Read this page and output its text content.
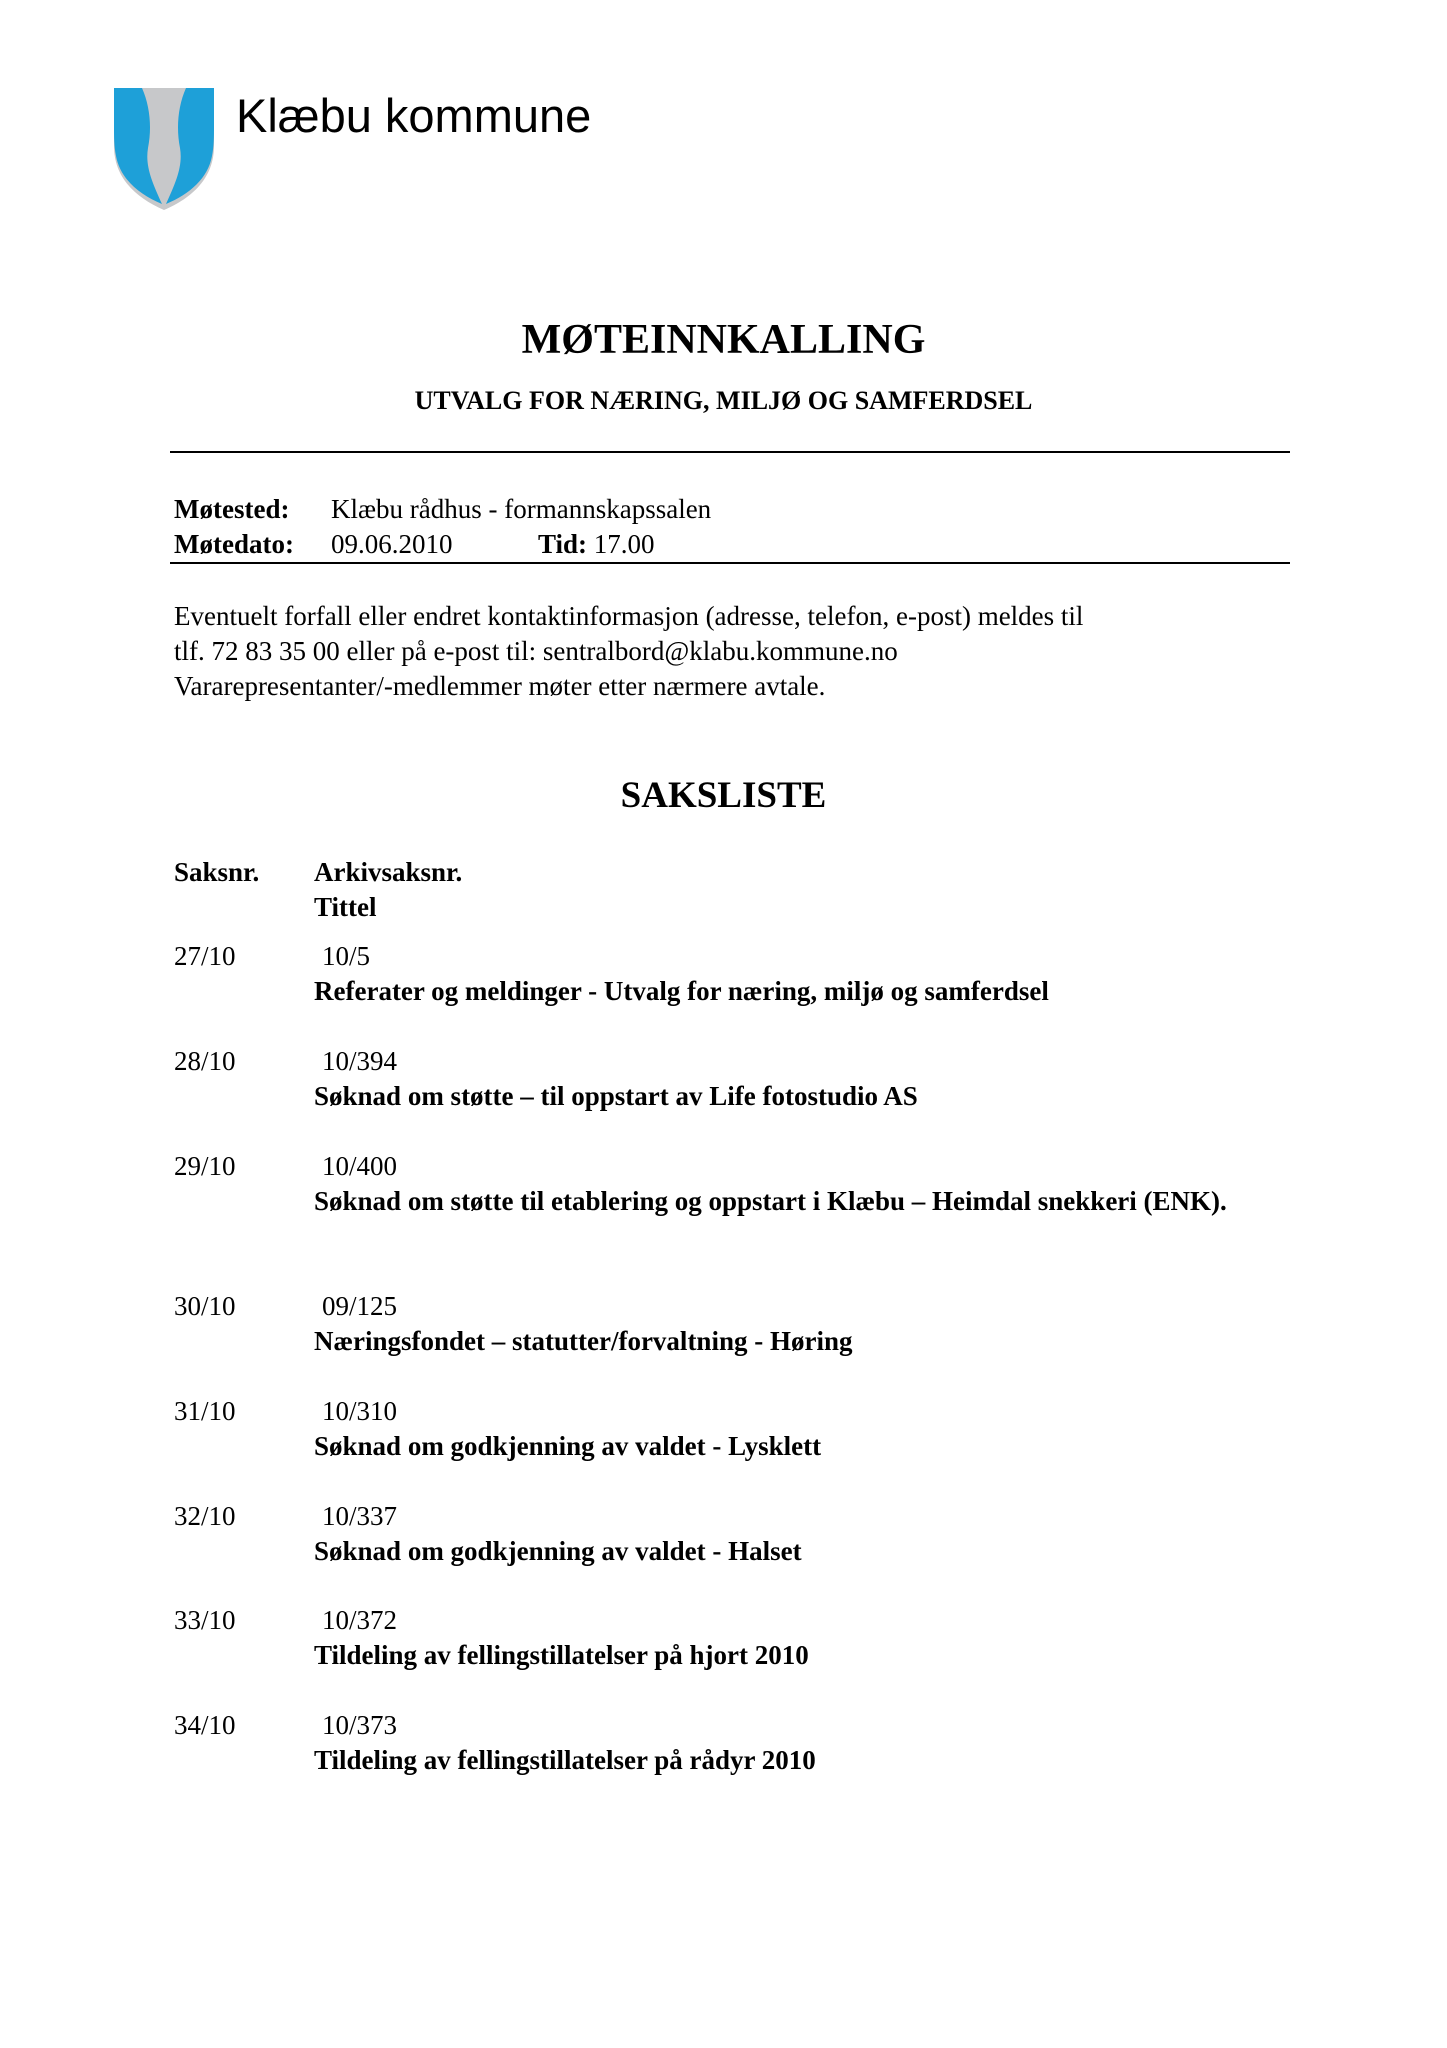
Klæbu kommune
MØTEINNKALLING
UTVALG FOR NÆRING, MILJØ OG SAMFERDSEL
Møtested: Klæbu rådhus - formannskapssalen
Møtedato: 09.06.2010	Tid: 17.00
Eventuelt forfall eller endret kontaktinformasjon (adresse, telefon, e-post) meldes til
tlf. 72 83 35 00 eller på e-post til: sentralbord@klabu.kommune.no
Vararepresentanter/-medlemmer møter etter nærmere avtale.
SAKSLISTE
Saksnr. Arkivsaksnr.
Tittel
27/10	10/5
Referater og meldinger - Utvalg for næring, miljø og samferdsel
28/10	10/394
Søknad om støtte – til oppstart av Life fotostudio AS
29/10	10/400
Søknad om støtte til etablering og oppstart i Klæbu – Heimdal snekkeri (ENK).
30/10	09/125
Næringsfondet – statutter/forvaltning - Høring
31/10	10/310
Søknad om godkjenning av valdet - Lysklett
32/10	10/337
Søknad om godkjenning av valdet - Halset
33/10	10/372
Tildeling av fellingstillatelser på hjort 2010
34/10	10/373
Tildeling av fellingstillatelser på rådyr 2010
